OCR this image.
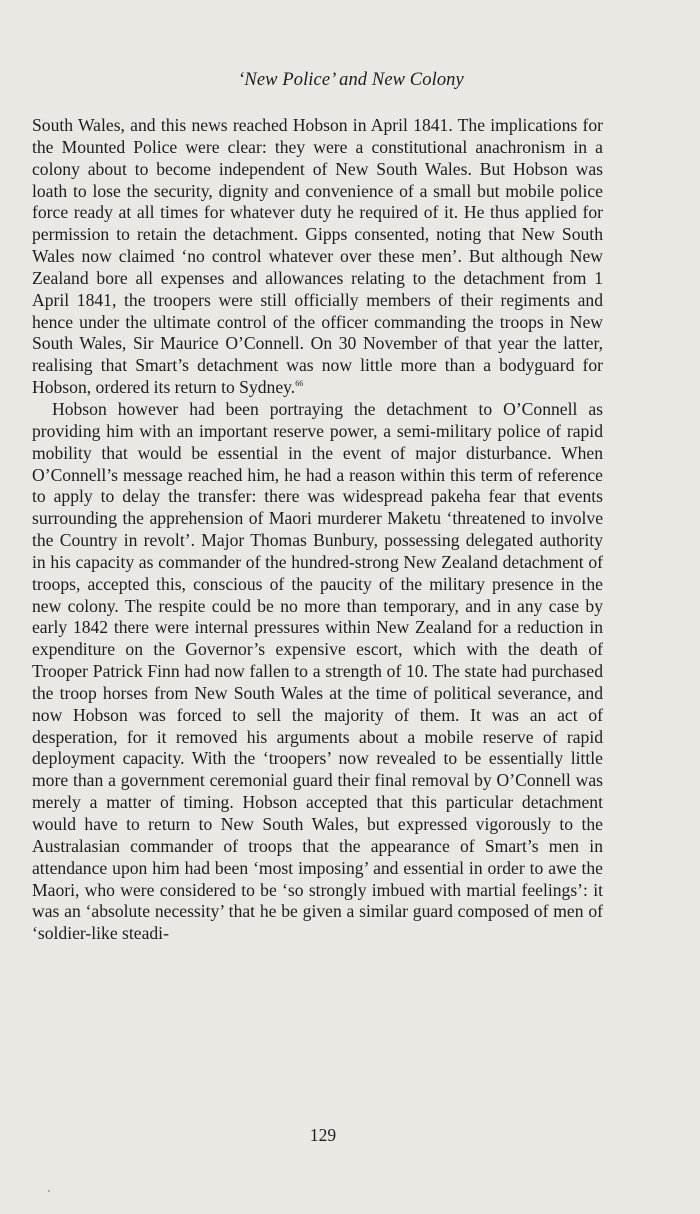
‘New Police’ and New Colony

South Wales, and this news reached Hobson in April 1841. The implications for the Mounted Police were clear: they were a constitutional anachronism in a colony about to become independent of New South Wales. But Hobson was loath to lose the security, dignity and convenience of a small but mobile police force ready at all times for whatever duty he required of it. He thus applied for permission to retain the detachment. Gipps consented, noting that New South Wales now claimed ‘no control whatever over these men’. But although New Zealand bore all expenses and allowances relating to the detachment from 1 April 1841, the troopers were still officially members of their regiments and hence under the ultimate control of the officer commanding the troops in New South Wales, Sir Maurice O’Connell. On 30 November of that year the latter, realising that Smart’s detachment was now little more than a bodyguard for Hobson, ordered its return to Sydney.$^{66}$

Hobson however had been portraying the detachment to O’Connell as providing him with an important reserve power, a semi-military police of rapid mobility that would be essential in the event of major disturbance. When O’Connell’s message reached him, he had a reason within this term of reference to apply to delay the transfer: there was widespread pakeha fear that events surrounding the apprehension of Maori murderer Maketu ‘threatened to involve the Country in revolt’. Major Thomas Bunbury, possessing delegated authority in his capacity as commander of the hundred-strong New Zealand detachment of troops, accepted this, conscious of the paucity of the military presence in the new colony. The respite could be no more than temporary, and in any case by early 1842 there were internal pressures within New Zealand for a reduction in expenditure on the Governor’s expensive escort, which with the death of Trooper Patrick Finn had now fallen to a strength of 10. The state had purchased the troop horses from New South Wales at the time of political severance, and now Hobson was forced to sell the majority of them. It was an act of desperation, for it removed his arguments about a mobile reserve of rapid deployment capacity. With the ‘troopers’ now revealed to be essentially little more than a government ceremonial guard their final removal by O’Connell was merely a matter of timing. Hobson accepted that this particular detachment would have to return to New South Wales, but expressed vigorously to the Australasian commander of troops that the appearance of Smart’s men in attendance upon him had been ‘most imposing’ and essential in order to awe the Maori, who were considered to be ‘so strongly imbued with martial feelings’: it was an ‘absolute necessity’ that he be given a similar guard composed of men of ‘soldier-like steadi-

129
